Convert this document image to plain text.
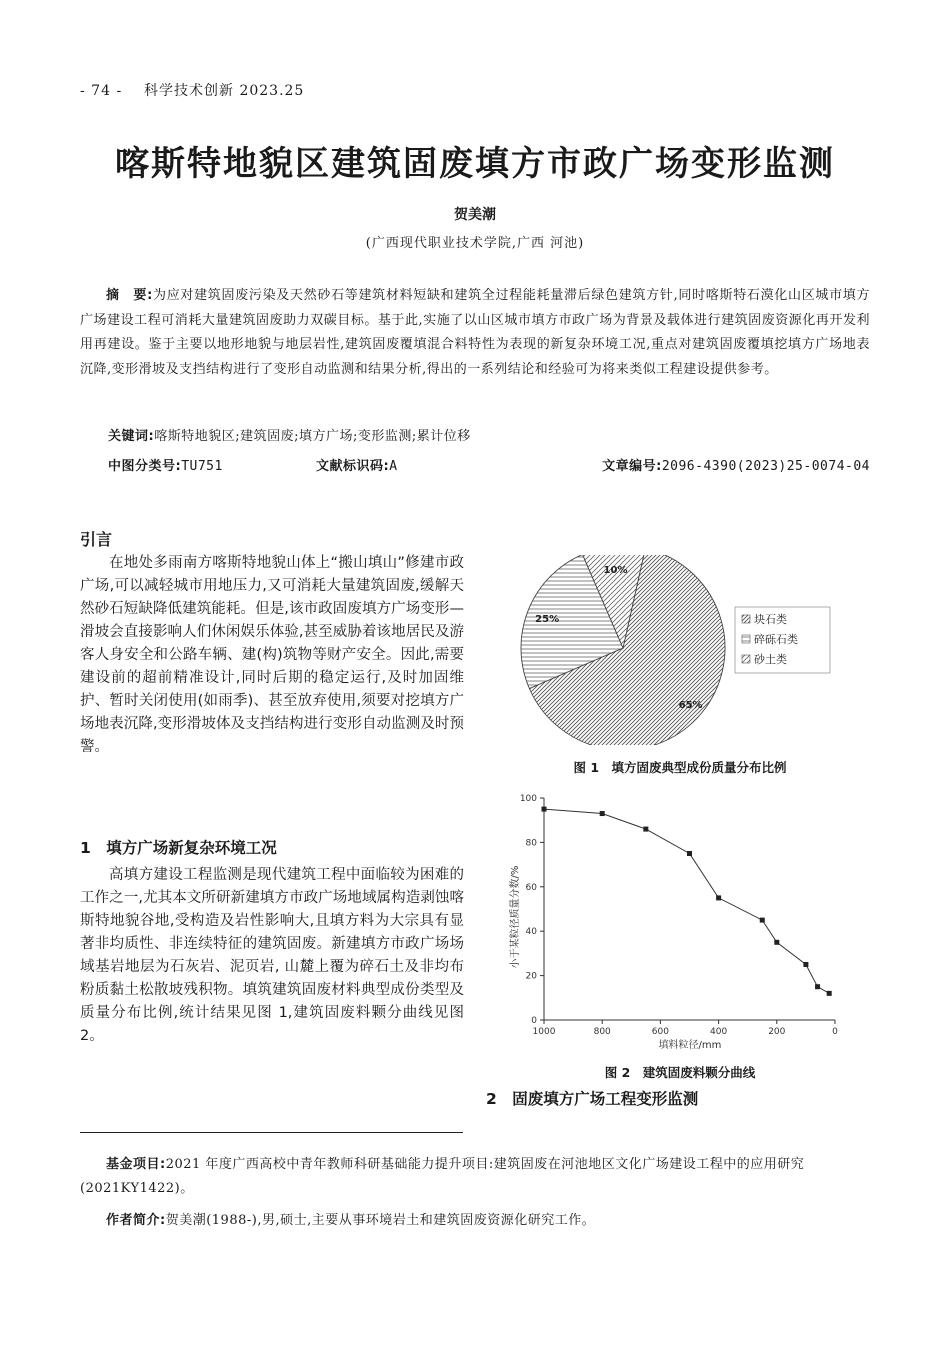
- 74 - 科学技术创新 2023.25
喀斯特地貌区建筑固废填方市政广场变形监测
贺美潮
(广西现代职业技术学院,广西 河池)
摘　要:为应对建筑固废污染及天然砂石等建筑材料短缺和建筑全过程能耗量滞后绿色建筑方针,同时喀斯特石漠化山区城市填方广场建设工程可消耗大量建筑固废助力双碳目标。基于此,实施了以山区城市填方市政广场为背景及载体进行建筑固废资源化再开发利用再建设。鉴于主要以地形地貌与地层岩性,建筑固废覆填混合料特性为表现的新复杂环境工况,重点对建筑固废覆填挖填方广场地表沉降,变形滑坡及支挡结构进行了变形自动监测和结果分析,得出的一系列结论和经验可为将来类似工程建设提供参考。
关键词:喀斯特地貌区;建筑固废;填方广场;变形监测;累计位移
中图分类号:TU751	文献标识码:A	文章编号:2096-4390(2023)25-0074-04
引言
在地处多雨南方喀斯特地貌山体上“搬山填山”修建市政广场,可以减轻城市用地压力,又可消耗大量建筑固废,缓解天然砂石短缺降低建筑能耗。但是,该市政固废填方广场变形—滑坡会直接影响人们休闲娱乐体验,甚至威胁着该地居民及游客人身安全和公路车辆、建(构)筑物等财产安全。因此,需要建设前的超前精准设计,同时后期的稳定运行,及时加固维护、暂时关闭使用(如雨季)、甚至放弃使用,须要对挖填方广场地表沉降,变形滑坡体及支挡结构进行变形自动监测及时预警。
1　填方广场新复杂环境工况
高填方建设工程监测是现代建筑工程中面临较为困难的工作之一,尤其本文所研新建填方市政广场地域属构造剥蚀喀斯特地貌谷地,受构造及岩性影响大,且填方料为大宗具有显著非均质性、非连续特征的建筑固废。新建填方市政广场场域基岩地层为石灰岩、泥页岩, 山麓上覆为碎石土及非均布粉质黏土松散坡残积物。填筑建筑固废材料典型成份类型及质量分布比例,统计结果见图 1,建筑固废料颗分曲线见图 2。
65%
25%
10%
块石类
碎砾石类
砂土类
图 1　填方固废典型成份质量分布比例
1000	800	600	400	200	0
0
20
40
60
80
100
填料粒径/mm
小于某粒径质量分数/%
图 2　建筑固废料颗分曲线
2　固废填方广场工程变形监测
基金项目:2021 年度广西高校中青年教师科研基础能力提升项目:建筑固废在河池地区文化广场建设工程中的应用研究(2021KY1422)。
作者简介:贺美潮(1988-),男,硕士,主要从事环境岩土和建筑固废资源化研究工作。
